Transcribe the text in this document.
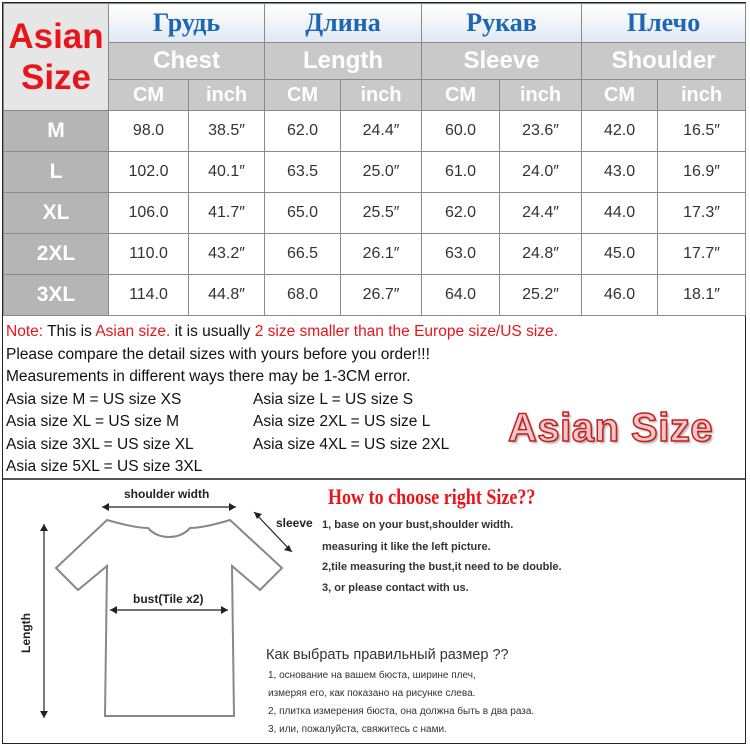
Asian
Size	Грудь		Длина		Рукав		Плечо	
	Chest		Length		Sleeve		Shoulder	
	CM	inch	CM	inch	CM	inch	CM	inch
M	98.0	38.5″	62.0	24.4″	60.0	23.6″	42.0	16.5″
L	102.0	40.1″	63.5	25.0″	61.0	24.0″	43.0	16.9″
XL	106.0	41.7″	65.0	25.5″	62.0	24.4″	44.0	17.3″
2XL	110.0	43.2″	66.5	26.1″	63.0	24.8″	45.0	17.7″
3XL	114.0	44.8″	68.0	26.7″	64.0	25.2″	46.0	18.1″
Note: This is Asian size. it is usually 2 size smaller than the Europe size/US size.
Please compare the detail sizes with yours before you order!!!
Measurements in different ways there may be 1-3CM error.
Asia size M = US size XS	Asia size L = US size S
Asia size XL = US size M	Asia size 2XL = US size L
Asia size 3XL = US size XL	Asia size 4XL = US size 2XL
Asia size 5XL = US size 3XL
Asian Size
shoulder width
sleeve
bust(Tile x2)
Length
How to choose right Size??
1, base on your bust,shoulder width.
measuring it like the left picture.
2,tile measuring the bust,it need to be double.
3, or please contact with us.
Как выбрать правильный размер ??
1, основание на вашем бюста, ширине плеч,
измеряя его, как показано на рисунке слева.
2, плитка измерения бюста, она должна быть в два раза.
3, или, пожалуйста, свяжитесь с нами.
